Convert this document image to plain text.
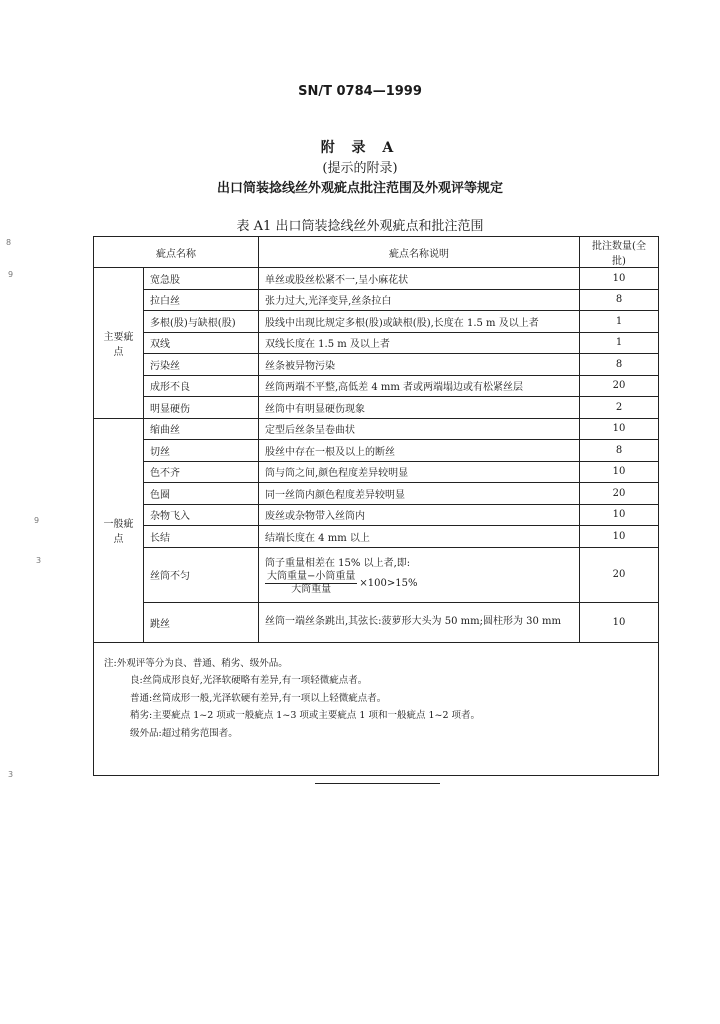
SN/T 0784—1999
附 录 A
(提示的附录)
出口筒装捻线丝外观疵点批注范围及外观评等规定
表 A1 出口筒装捻线丝外观疵点和批注范围
疵点名称		疵点名称说明	批注数量(全批)
主要疵点	宽急股	单丝或股丝松紧不一,呈小麻花状	10
	拉白丝	张力过大,光泽变异,丝条拉白	8
	多根(股)与缺根(股)	股线中出现比规定多根(股)或缺根(股),长度在 1.5 m 及以上者	1
	双线	双线长度在 1.5 m 及以上者	1
	污染丝	丝条被异物污染	8
	成形不良	丝筒两端不平整,高低差 4 mm 者或两端塌边或有松紧丝层	20
	明显硬伤	丝筒中有明显硬伤现象	2
一般疵点	缩曲丝	定型后丝条呈卷曲状	10
	切丝	股丝中存在一根及以上的断丝	8
	色不齐	筒与筒之间,颜色程度差异较明显	10
	色圈	同一丝筒内颜色程度差异较明显	20
	杂物飞入	废丝或杂物带入丝筒内	10
	长结	结端长度在 4 mm 以上	10
	丝筒不匀	筒子重量相差在 15% 以上者,即:
$\frac{\text{大筒重量−小筒重量}}{\text{大筒重量}} \times 100>15\%$	20
	跳丝	丝筒一端丝条跳出,其弦长:菠萝形大头为 50 mm;圆柱形为 30 mm	10

注:外观评等分为良、普通、稍劣、级外品。
良:丝筒成形良好,光泽软硬略有差异,有一项轻微疵点者。
普通:丝筒成形一般,光泽软硬有差异,有一项以上轻微疵点者。
稍劣:主要疵点 1~2 项或一般疵点 1~3 项或主要疵点 1 项和一般疵点 1~2 项者。
级外品:超过稍劣范围者。			
8
9
9
3
3
